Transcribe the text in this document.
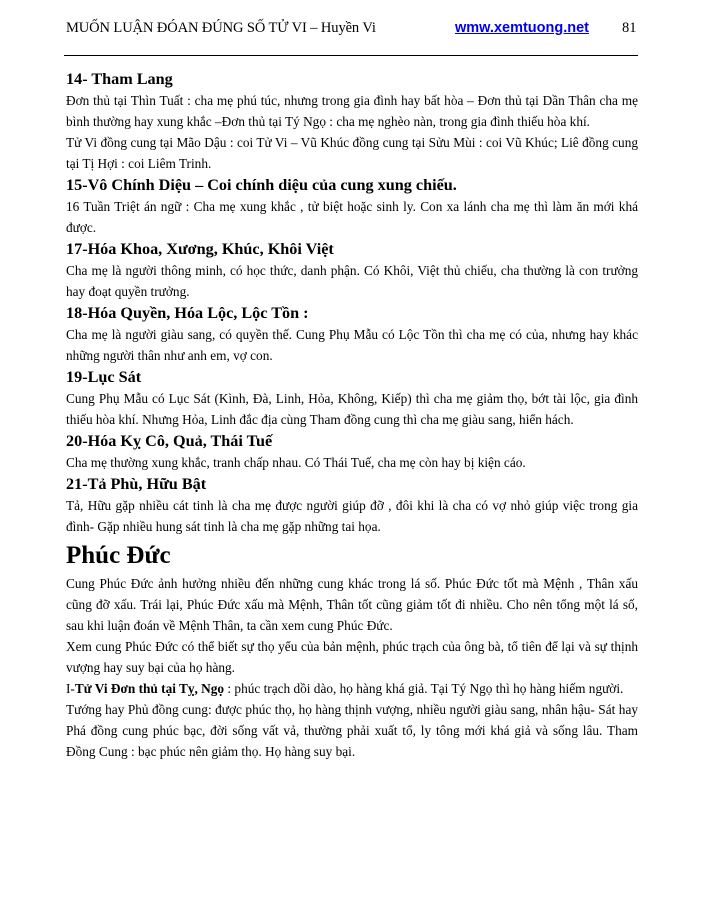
MUỐN LUẬN ĐÓAN ĐÚNG SỐ TỬ VI – Huyền Vi	wmw.xemtuong.net 81
14- Tham Lang

Đơn thủ tại Thìn Tuất : cha mẹ phú túc, nhưng trong gia đình hay bất hòa – Đơn thủ tại Dần Thân cha mẹ bình thường hay xung khắc –Đơn thủ tại Tý Ngọ : cha mẹ nghèo nàn, trong gia đình thiếu hòa khí.

Tử Vi đồng cung tại Mão Dậu : coi Tử Vi – Vũ Khúc đồng cung tại Sửu Mùi : coi Vũ Khúc; Liê đồng cung tại Tị Hợi : coi Liêm Trinh.

15-Vô Chính Diệu – Coi chính diệu của cung xung chiếu.

16 Tuần Triệt án ngữ : Cha mẹ xung khắc , tử biệt hoặc sinh ly. Con xa lánh cha mẹ thì làm ăn mới khá được.

17-Hóa Khoa, Xương, Khúc, Khôi Việt

Cha mẹ là người thông minh, có học thức, danh phận. Có Khôi, Việt thủ chiếu, cha thường là con trưởng hay đoạt quyền trưởng.

18-Hóa Quyền, Hóa Lộc, Lộc Tồn :

Cha mẹ là người giàu sang, có quyền thế. Cung Phụ Mẫu có Lộc Tồn thì cha mẹ có của, nhưng hay khác những người thân như anh em, vợ con.

19-Lục Sát

Cung Phụ Mẫu có Lục Sát (Kình, Đà, Linh, Hỏa, Không, Kiếp) thì cha mẹ giảm thọ, bớt tài lộc, gia đình thiếu hòa khí. Nhưng Hỏa, Linh đắc địa cùng Tham đồng cung thì cha mẹ giàu sang, hiển hách.

20-Hóa Kỵ Cô, Quả, Thái Tuế

Cha mẹ thường xung khắc, tranh chấp nhau. Có Thái Tuế, cha mẹ còn hay bị kiện cáo.

21-Tả Phù, Hữu Bật

Tả, Hữu gặp nhiều cát tinh là cha mẹ được người giúp đỡ , đôi khi là cha có vợ nhỏ giúp việc trong gia đình- Gặp nhiều hung sát tinh là cha mẹ gặp những tai họa.

Phúc Đức

Cung Phúc Đức ảnh hưởng nhiều đến những cung khác trong lá số. Phúc Đức tốt mà Mệnh , Thân xấu cũng đỡ xấu. Trái lại, Phúc Đức xấu mà Mệnh, Thân tốt cũng giảm tốt đi nhiều. Cho nên tổng một lá số, sau khi luận đoán về Mệnh Thân, ta cần xem cung Phúc Đức.

Xem cung Phúc Đức có thể biết sự thọ yểu của bản mệnh, phúc trạch của ông bà, tổ tiên để lại và sự thịnh vượng hay suy bại của họ hàng.

I-Tử Vi Đơn thủ tại Tỵ, Ngọ : phúc trạch dồi dào, họ hàng khá giả. Tại Tý Ngọ thì họ hàng hiếm người.

Tướng hay Phủ đồng cung: được phúc thọ, họ hàng thịnh vượng, nhiều người giàu sang, nhân hậu- Sát hay Phá đồng cung phúc bạc, đời sống vất vả, thường phải xuất tổ, ly tông mới khá giả và sống lâu. Tham Đồng Cung : bạc phúc nên giảm thọ. Họ hàng suy bại.
